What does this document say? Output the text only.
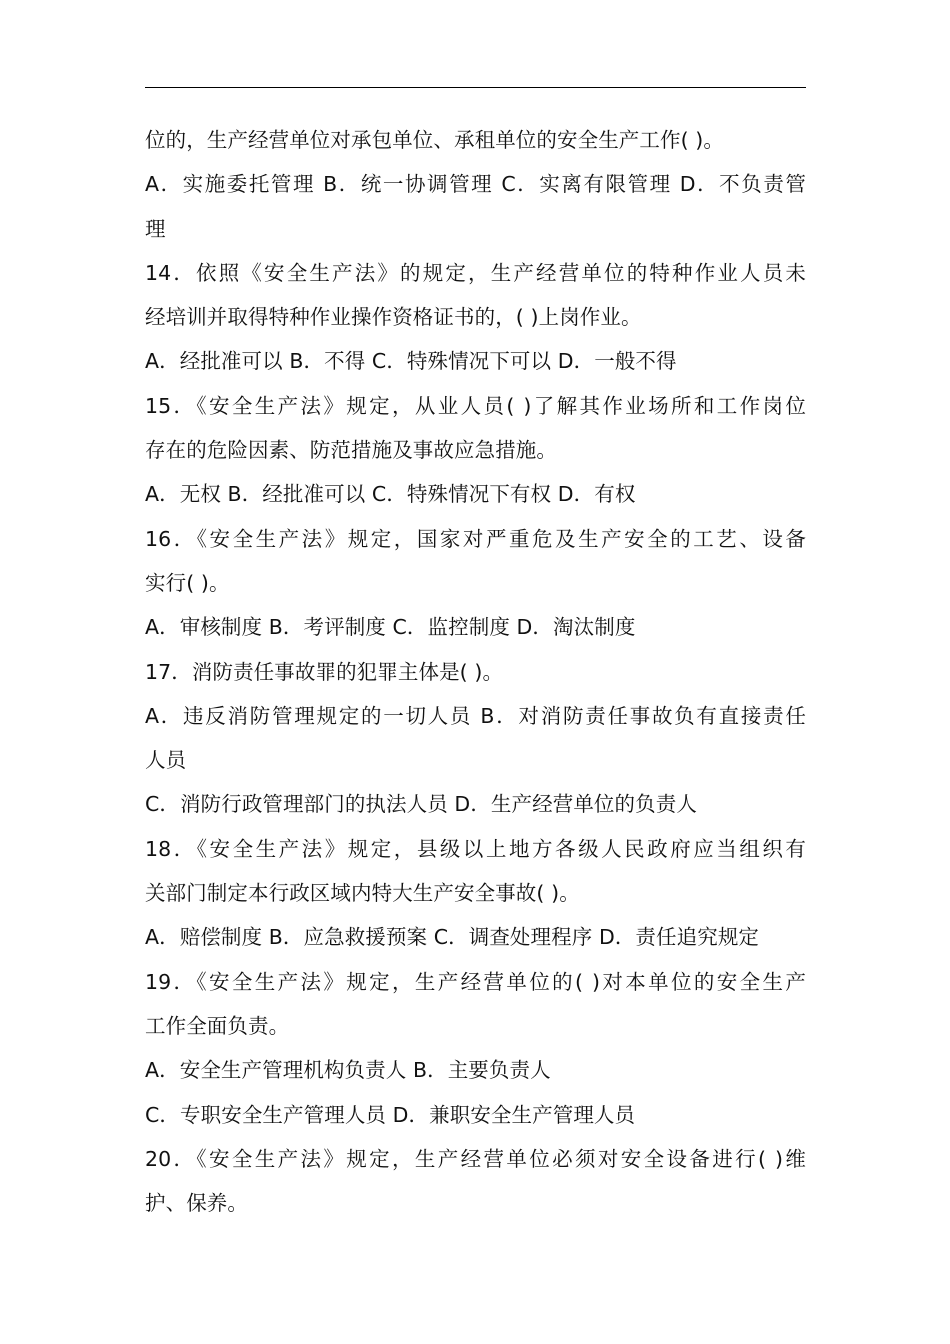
位的，生产经营单位对承包单位、承租单位的安全生产工作( )。
A．实施委托管理 B．统一协调管理 C．实离有限管理 D．不负责管
理
14．依照《安全生产法》的规定，生产经营单位的特种作业人员未
经培训并取得特种作业操作资格证书的，( )上岗作业。
A．经批准可以 B．不得 C．特殊情况下可以 D．一般不得
15．《安全生产法》规定，从业人员( )了解其作业场所和工作岗位
存在的危险因素、防范措施及事故应急措施。
A．无权 B．经批准可以 C．特殊情况下有权 D．有权
16．《安全生产法》规定，国家对严重危及生产安全的工艺、设备
实行( )。
A．审核制度 B．考评制度 C．监控制度 D．淘汰制度
17．消防责任事故罪的犯罪主体是( )。
A．违反消防管理规定的一切人员 B．对消防责任事故负有直接责任
人员
C．消防行政管理部门的执法人员 D．生产经营单位的负责人
18．《安全生产法》规定，县级以上地方各级人民政府应当组织有
关部门制定本行政区域内特大生产安全事故( )。
A．赔偿制度 B．应急救援预案 C．调查处理程序 D．责任追究规定
19．《安全生产法》规定，生产经营单位的( )对本单位的安全生产
工作全面负责。
A．安全生产管理机构负责人 B．主要负责人
C．专职安全生产管理人员 D．兼职安全生产管理人员
20．《安全生产法》规定，生产经营单位必须对安全设备进行( )维
护、保养。
